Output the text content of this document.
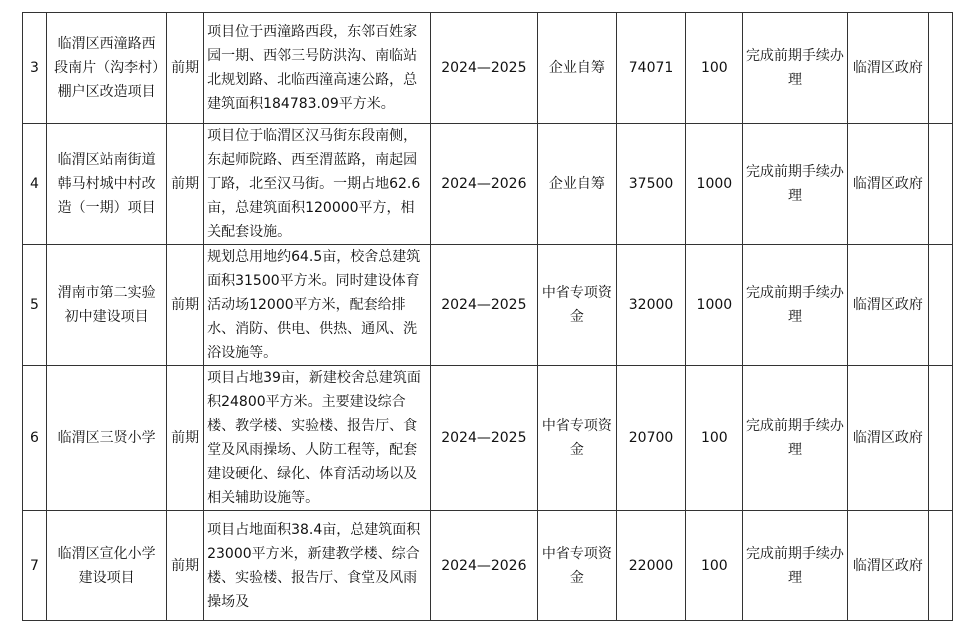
3	临渭区西潼路西段南片（沟李村）棚户区改造项目	前期	项目位于西潼路西段，东邻百姓家园一期、西邻三号防洪沟、南临站北规划路、北临西潼高速公路，总建筑面积184783.09平方米。	2024—2025	企业自筹	74071	100	完成前期手续办理	临渭区政府	
4	临渭区站南街道韩马村城中村改造（一期）项目	前期	项目位于临渭区汉马街东段南侧，东起师院路、西至渭蓝路，南起园丁路，北至汉马街。一期占地62.6亩，总建筑面积120000平方，相关配套设施。	2024—2026	企业自筹	37500	1000	完成前期手续办理	临渭区政府	
5	渭南市第二实验初中建设项目	前期	规划总用地约64.5亩，校舍总建筑面积31500平方米。同时建设体育活动场12000平方米，配套给排水、消防、供电、供热、通风、洗浴设施等。	2024—2025	中省专项资金	32000	1000	完成前期手续办理	临渭区政府	
6	临渭区三贤小学	前期	项目占地39亩，新建校舍总建筑面积24800平方米。主要建设综合楼、教学楼、实验楼、报告厅、食堂及风雨操场、人防工程等，配套建设硬化、绿化、体育活动场以及相关辅助设施等。	2024—2025	中省专项资金	20700	100	完成前期手续办理	临渭区政府	
7	临渭区宣化小学建设项目	前期	项目占地面积38.4亩，总建筑面积23000平方米，新建教学楼、综合楼、实验楼、报告厅、食堂及风雨操场及	2024—2026	中省专项资金	22000	100	完成前期手续办理	临渭区政府	
